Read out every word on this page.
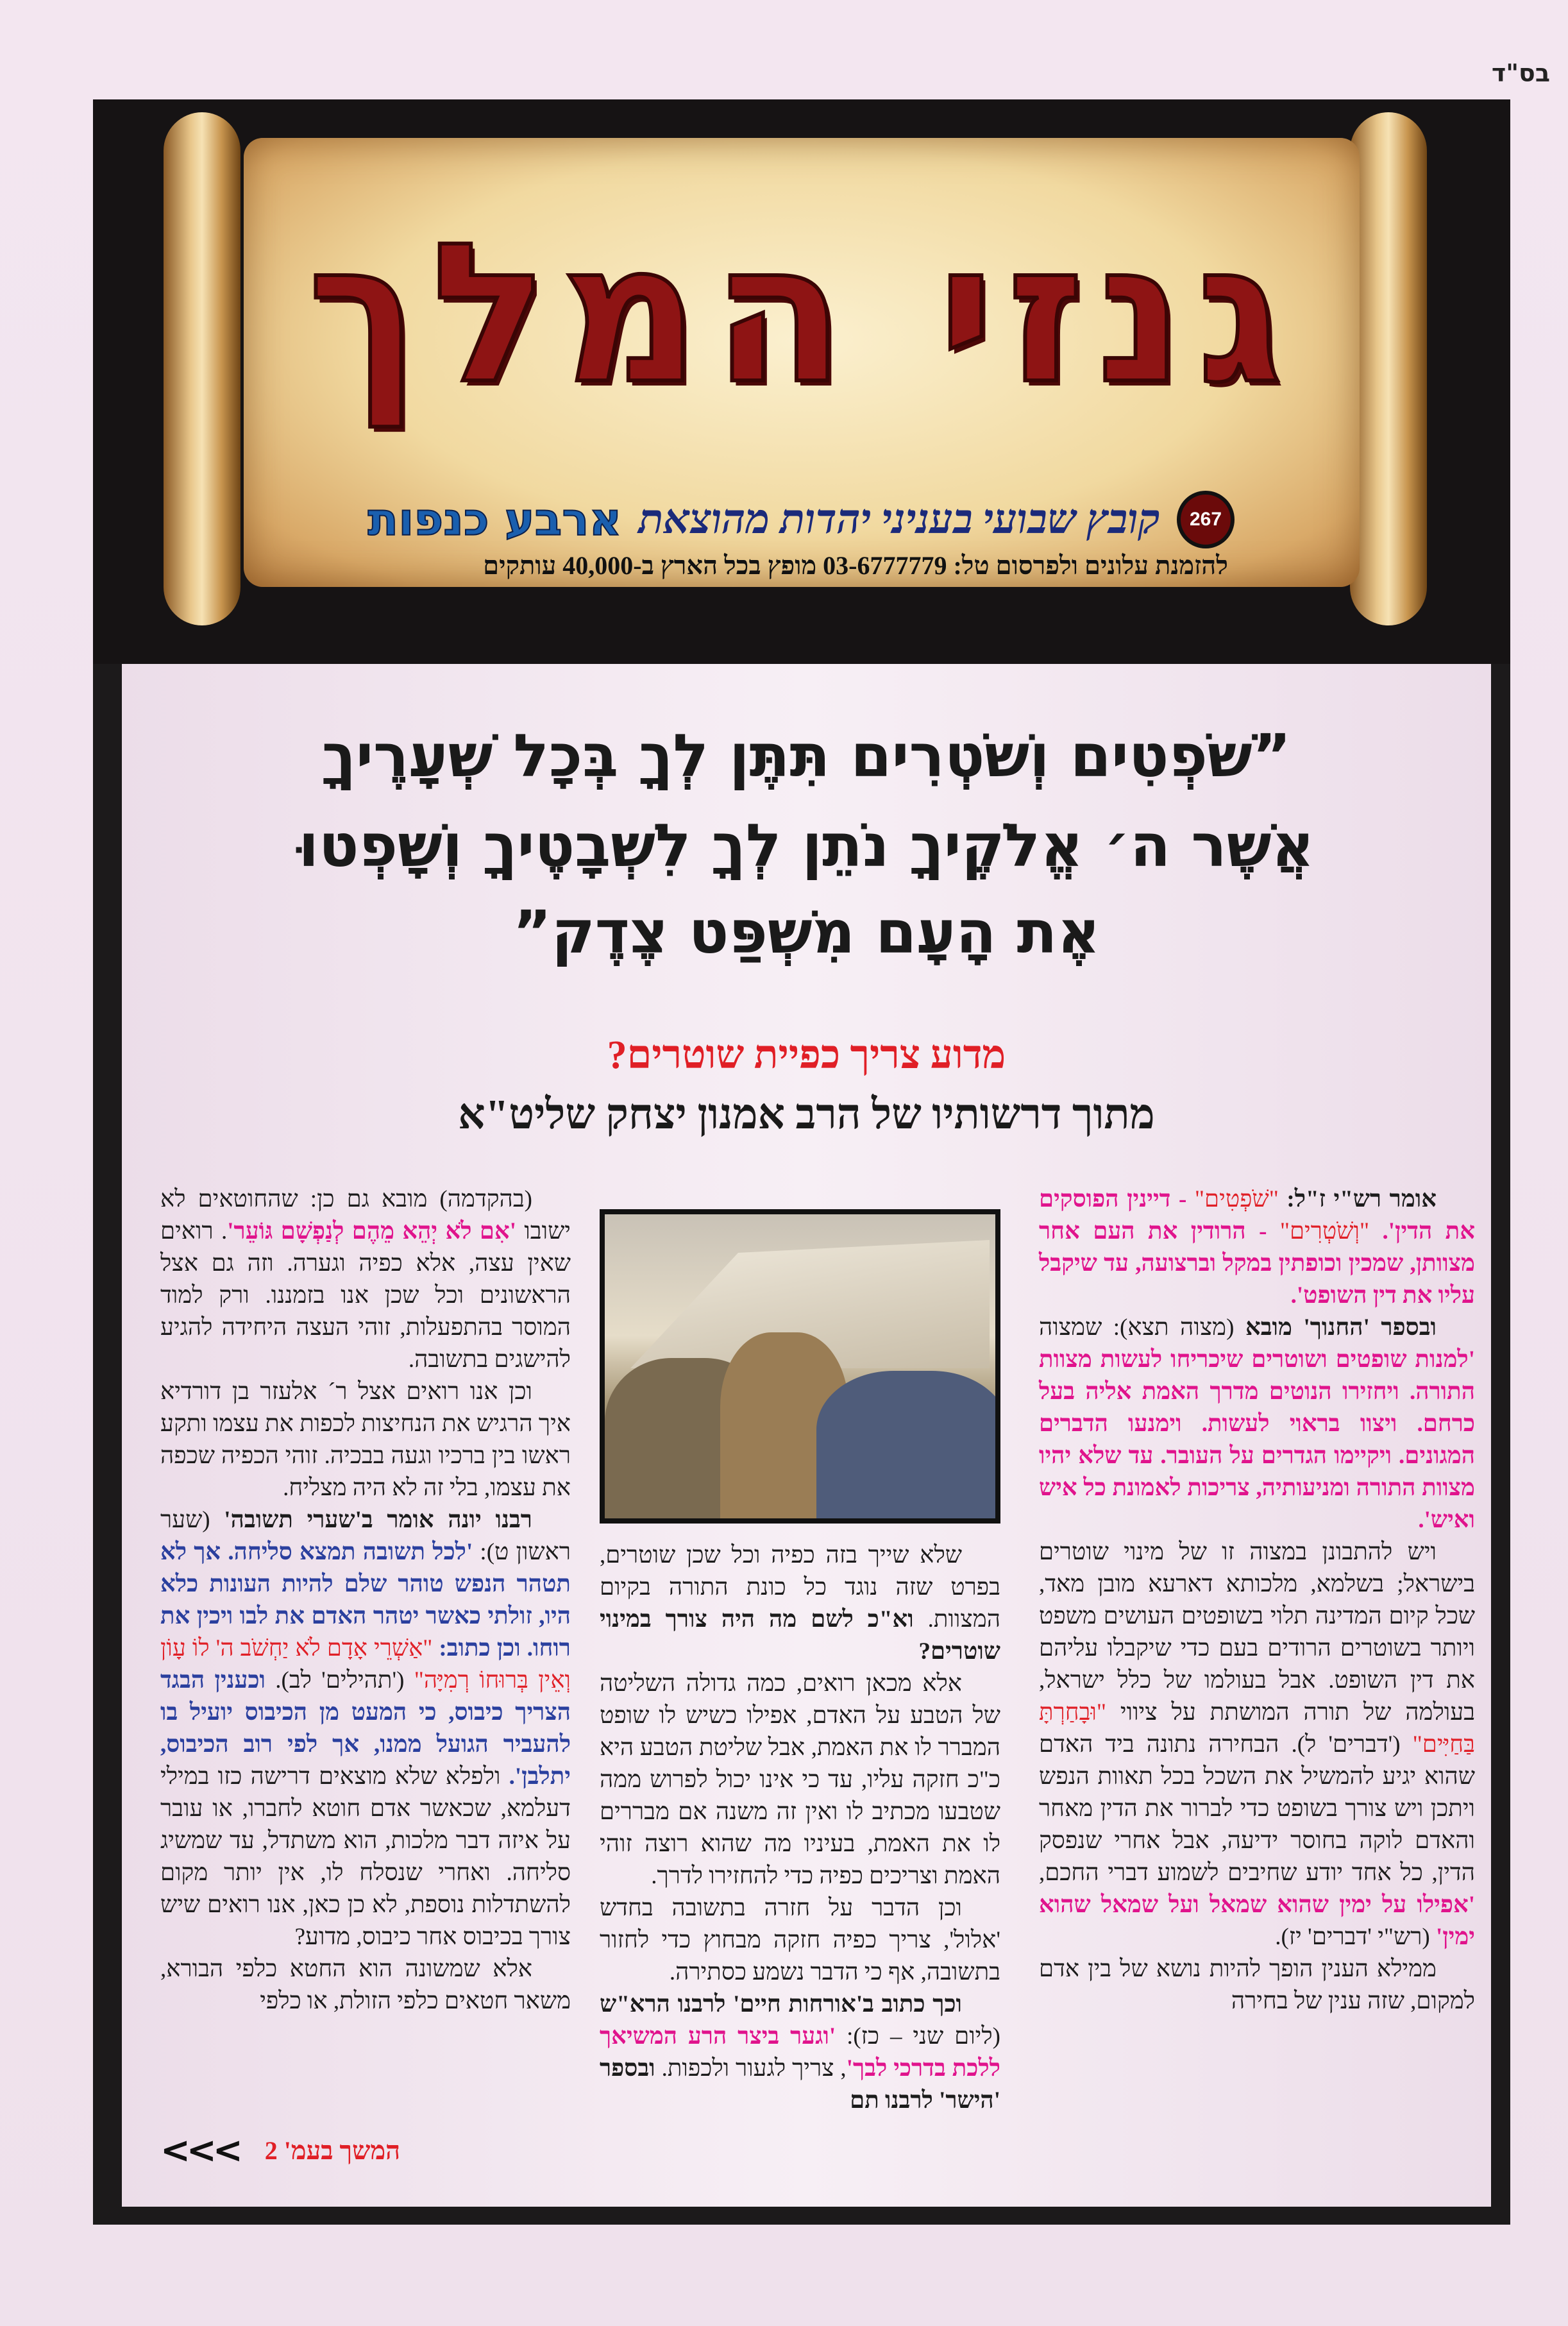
בס"ד
גנזי המלך
267
קובץ שבועי בעניני יהדות מהוצאת
ארבע כנפות
להזמנת עלונים ולפרסום טל: 03-6777779 מופץ בכל הארץ ב-40,000 עותקים
”שֹׁפְטִים וְשֹׁטְרִים תִּתֶּן לְךָ בְּכָל שְׁעָרֶיךָ
אֲשֶׁר ה׳ אֱלֹקֶיךָ נֹתֵן לְךָ לִשְׁבָטֶיךָ וְשָׁפְטוּ
אֶת הָעָם מִשְׁפַּט צֶדֶק”
מדוע צריך כפיית שוטרים?
מתוך דרשותיו של הרב אמנון יצחק שליט"א

אומר רש"י ז"ל: "שֹׁפְטִים" - דיינין הפוסקים את הדין'. "וְשֹׁטְרִים" - הרודין את העם אחר מצוותן, שמכין וכופתין במקל וברצועה, עד שיקבל עליו את דין השופט'.

ובספר 'החנוך' מובא (מצוה תצא): שמצוה 'למנות שופטים ושוטרים שיכריחו לעשות מצוות התורה. ויחזירו הנוטים מדרך האמת אליה בעל כרחם. ויצוו בראוי לעשות. וימנעו הדברים המגונים. ויקיימו הגדרים על העובר. עד שלא יהיו מצוות התורה ומניעותיה, צריכות לאמונת כל איש ואיש'.

ויש להתבונן במצוה זו של מינוי שוטרים בישראל; בשלמא, מלכותא דארעא מובן מאד, שכל קיום המדינה תלוי בשופטים העושים משפט ויותר בשוטרים הרודים בעם כדי שיקבלו עליהם את דין השופט. אבל בעולמו של כלל ישראל, בעולמה של תורה המושתת על ציווי "וּבָחַרְתָּ בַּחַיִּים" ('דברים' ל). הבחירה נתונה ביד האדם שהוא יגיע להמשיל את השכל בכל תאוות הנפש ויתכן ויש צורך בשופט כדי לברור את הדין מאחר והאדם לוקה בחוסר ידיעה, אבל אחרי שנפסק הדין, כל אחד יודע שחיבים לשמוע דברי החכם, 'אפילו על ימין שהוא שמאל ועל שמאל שהוא ימין' (רש"י 'דברים' יז).

ממילא הענין הופך להיות נושא של בין אדם למקום, שזה ענין של בחירה

שלא שייך בזה כפיה וכל שכן שוטרים, בפרט שזה נוגד כל כונת התורה בקיום המצוות. וא"כ לשם מה היה צורך במינוי שוטרים?

אלא מכאן רואים, כמה גדולה השליטה של הטבע על האדם, אפילו כשיש לו שופט המברר לו את האמת, אבל שליטת הטבע היא כ"כ חזקה עליו, עד כי אינו יכול לפרוש ממה שטבעו מכתיב לו ואין זה משנה אם מבררים לו את האמת, בעיניו מה שהוא רוצה זוהי האמת וצריכים כפיה כדי להחזירו לדרך.

וכן הדבר על חזרה בתשובה בחדש 'אלול', צריך כפיה חזקה מבחוץ כדי לחזור בתשובה, אף כי הדבר נשמע כסתירה.

וכך כתוב ב'אורחות חיים' לרבנו הרא"ש (ליום שני – כז): 'וגער ביצר הרע המשיאך ללכת בדרכי לבך', צריך לגעור ולכפות. ובספר 'הישר' לרבנו תם

(בהקדמה) מובא גם כן: שהחוטאים לא ישובו 'אִם לֹא יְהֵא מֵהֶם לְנַפְשָׁם גּוֹעֵר'. רואים שאין עצה, אלא כפיה וגערה. וזה גם אצל הראשונים וכל שכן אנו בזמננו. ורק למוד המוסר בהתפעלות, זוהי העצה היחידה להגיע להישגים בתשובה.

וכן אנו רואים אצל ר´ אלעזר בן דורדיא איך הרגיש את הנחיצות לכפות את עצמו ותקע ראשו בין ברכיו וגעה בבכיה. זוהי הכפיה שכפה את עצמו, בלי זה לא היה מצליח.

רבנו יונה אומר ב'שערי תשובה' (שער ראשון ט): 'לכל תשובה תמצא סליחה. אך לא תטהר הנפש טוהר שלם להיות העונות כלא היו, זולתי כאשר יטהר האדם את לבו ויכין את רוחו. וכן כתוב: "אַשְׁרֵי אָדָם לֹא יַחְשֹׁב ה' לוֹ עָוֹן וְאֵין בְּרוּחוֹ רְמִיָּה" ('תהילים' לב). וכענין הבגד הצריך כיבוס, כי המעט מן הכיבוס יועיל בו להעביר הגועל ממנו, אך לפי רוב הכיבוס, יתלבן'. ולפלא שלא מוצאים דרישה כזו במילי דעלמא, שכאשר אדם חוטא לחברו, או עובר על איזה דבר מלכות, הוא משתדל, עד שמשיג סליחה. ואחרי שנסלח לו, אין יותר מקום להשתדלות נוספת, לא כן כאן, אנו רואים שיש צורך בכיבוס אחר כיבוס, מדוע?

אלא שמשונה הוא החטא כלפי הבורא, משאר חטאים כלפי הזולת, או כלפי

<<< המשך בעמ' 2
